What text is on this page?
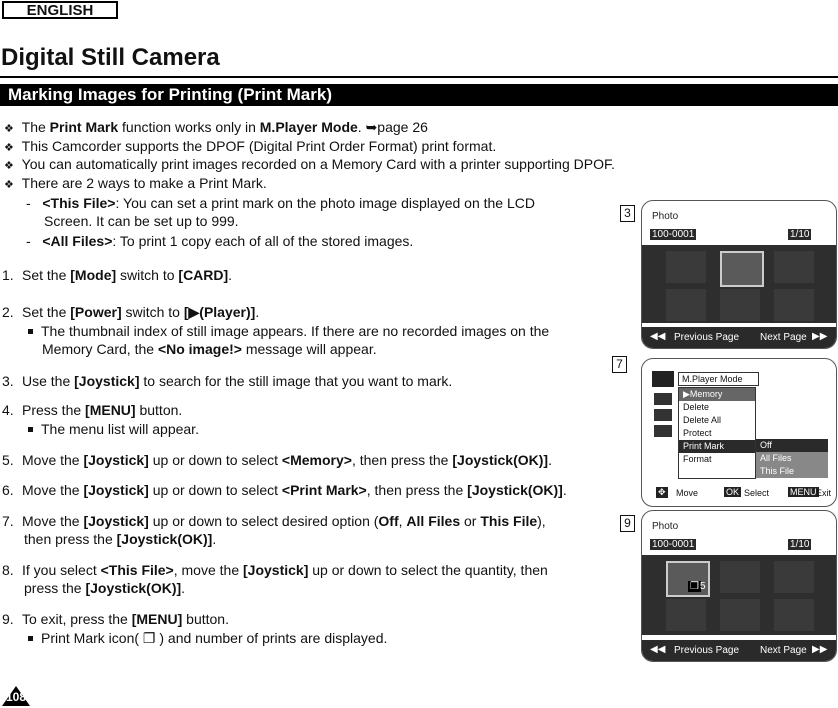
ENGLISH
Digital Still Camera
Marking Images for Printing (Print Mark)
❖ The Print Mark function works only in M.Player Mode. ➥page 26
❖ This Camcorder supports the DPOF (Digital Print Order Format) print format.
❖ You can automatically print images recorded on a Memory Card with a printer supporting DPOF.
❖ There are 2 ways to make a Print Mark.
-   <This File>: You can set a print mark on the photo image displayed on the LCD
Screen. It can be set up to 999.
-   <All Files>: To print 1 copy each of all of the stored images.
1. Set the [Mode] switch to [CARD].
2. Set the [Power] switch to [▶(Player)].
The thumbnail index of still image appears. If there are no recorded images on the
Memory Card, the <No image!> message will appear.
3. Use the [Joystick] to search for the still image that you want to mark.
4. Press the [MENU] button.
The menu list will appear.
5. Move the [Joystick] up or down to select <Memory>, then press the [Joystick(OK)].
6. Move the [Joystick] up or down to select <Print Mark>, then press the [Joystick(OK)].
7. Move the [Joystick] up or down to select desired option (Off, All Files or This File),
then press the [Joystick(OK)].
8. If you select <This File>, move the [Joystick] up or down to select the quantity, then
press the [Joystick(OK)].
9. To exit, press the [MENU] button.
Print Mark icon( ❐ ) and number of prints are displayed.
3	Photo
100-0001	1/10
◀◀ Previous Page Next Page ▶▶
7
M.Player Mode
▶Memory
Delete
Delete All
Protect
Print Mark
Format
Off
All Files
This File
✥ Move	OK Select MENU Exit
9	Photo
100-0001	1/10
❐ 5
◀◀ Previous Page Next Page ▶▶
108
